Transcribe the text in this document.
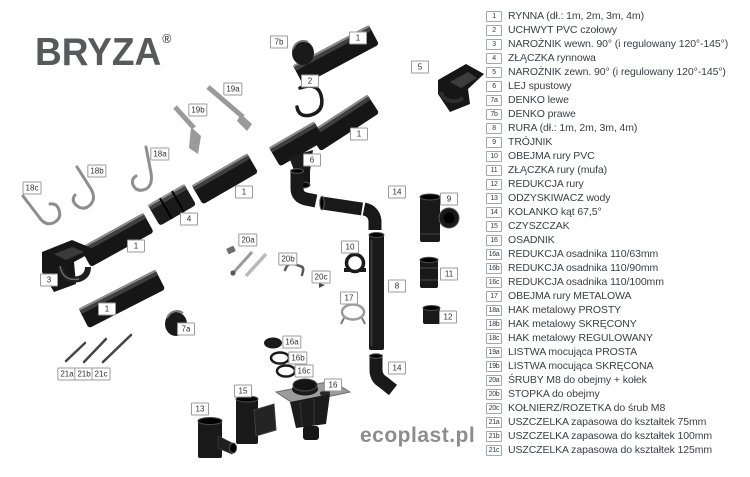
BRYZA®
ecoplast.pl
7b	1
5
2
19a
19b
1
18a
6
18b
18c	1	14
9
4
20a
1	10
20b
11
20c
3
8
17
1
12
7a
16a
16b
14
16c
21a 21b 21c
16
15
13
1	RYNNA (dł.: 1m, 2m, 3m, 4m)
2	UCHWYT PVC czołowy
3	NAROŻNIK wewn. 90° (i regulowany 120°-145°)
4	ZŁĄCZKA rynnowa
5	NAROŻNIK zewn. 90° (i regulowany 120°-145°)
6	LEJ spustowy
7a DENKO lewe
7b DENKO prawe
8	RURA (dł.: 1m, 2m, 3m, 4m)
9	TRÓJNIK
10 OBEJMA rury PVC
11	ZŁĄCZKA rury (mufa)
12 REDUKCJA rury
13 ODZYSKIWACZ wody
14 KOLANKO kąt 67,5°
15 CZYSZCZAK
16 OSADNIK
16a REDUKCJA osadnika 110/63mm
16b REDUKCJA osadnika 110/90mm
16c REDUKCJA osadnika 110/100mm
17 OBEJMA rury METALOWA
18a HAK metalowy PROSTY
18b HAK metalowy SKRĘCONY
18c HAK metalowy REGULOWANY
19a LISTWA mocująca PROSTA
19b LISTWA mocująca SKRĘCONA
20a ŚRUBY M8 do obejmy + kołek
20b STOPKA do obejmy
20c KOŁNIERZ/ROZETKA do śrub M8
21a USZCZELKA zapasowa do kształtek 75mm
21b USZCZELKA zapasowa do kształtek 100mm
21c USZCZELKA zapasowa do kształtek 125mm
